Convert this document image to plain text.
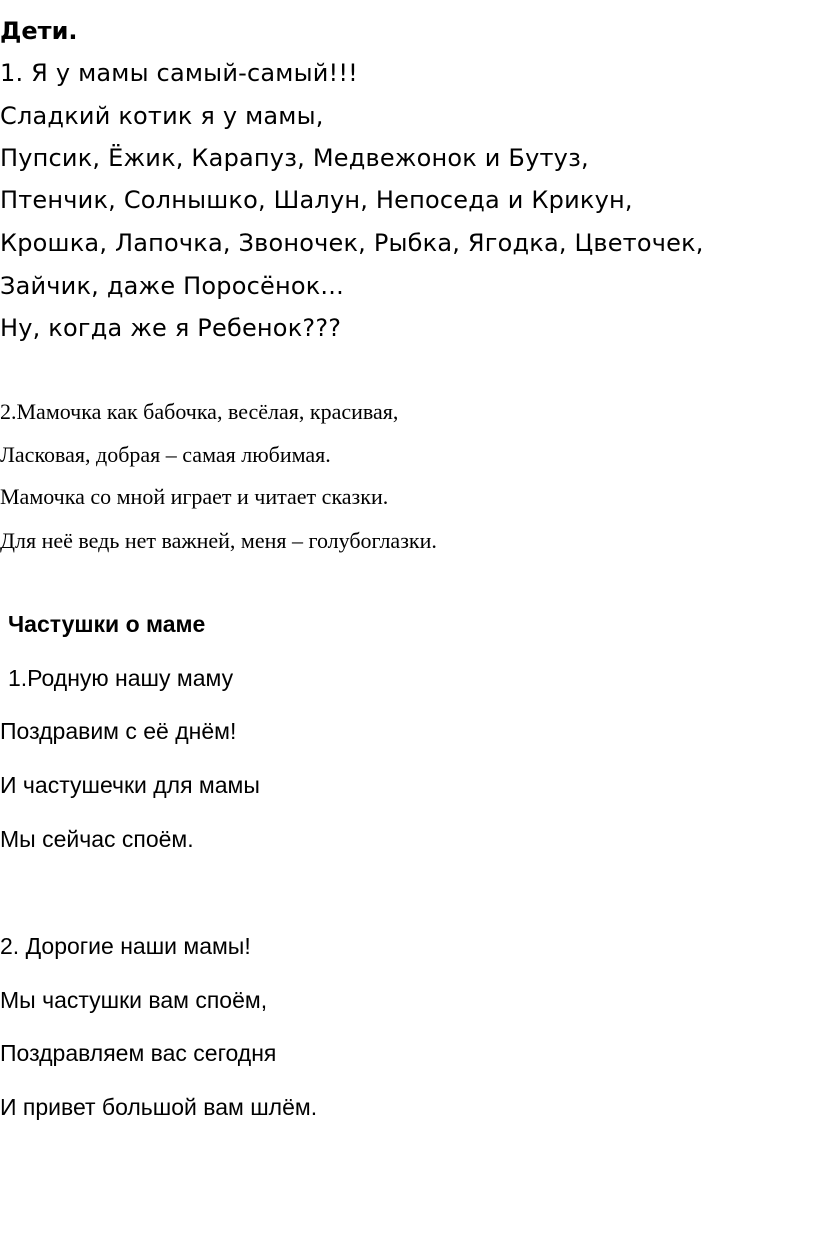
Дети.
1. Я у мамы самый-самый!!!
Сладкий котик я у мамы,
Пупсик, Ёжик, Карапуз, Медвежонок и Бутуз,
Птенчик, Солнышко, Шалун, Непоседа и Крикун,
Крошка, Лапочка, Звоночек, Рыбка, Ягодка, Цветочек,
Зайчик, даже Поросёнок...
Ну, когда же я Ребенок???
2.Мамочка как бабочка, весёлая, красивая,
Ласковая, добрая – самая любимая.
Мамочка со мной играет и читает сказки.
Для неё ведь нет важней, меня – голубоглазки.
Частушки о маме
1.Родную нашу маму
Поздравим с её днём!
И частушечки для мамы
Мы сейчас споём.
2. Дорогие наши мамы!
Мы частушки вам споём,
Поздравляем вас сегодня
И привет большой вам шлём.
